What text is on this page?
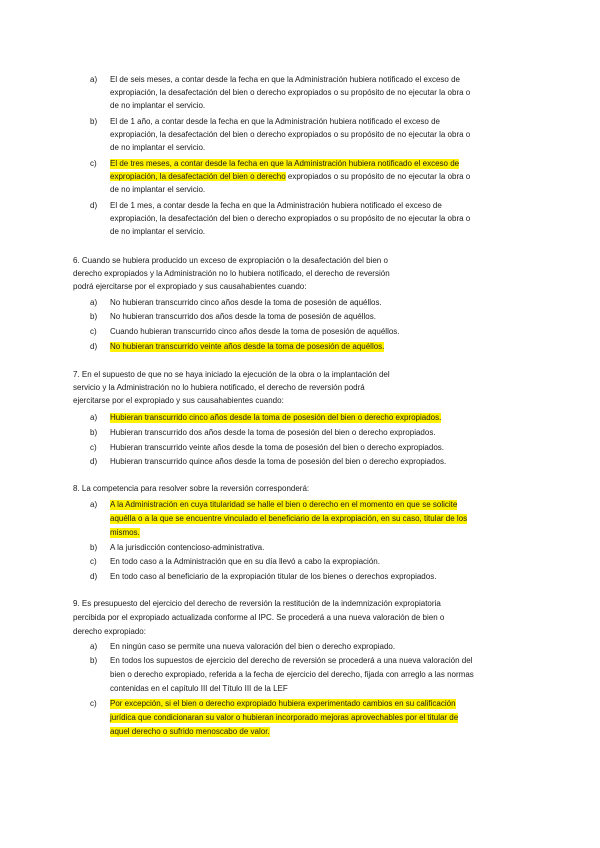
a) El de seis meses, a contar desde la fecha en que la Administración hubiera notificado el exceso de
expropiación, la desafectación del bien o derecho expropiados o su propósito de no ejecutar la obra o
de no implantar el servicio.
b) El de 1 año, a contar desde la fecha en que la Administración hubiera notificado el exceso de
expropiación, la desafectación del bien o derecho expropiados o su propósito de no ejecutar la obra o
de no implantar el servicio.
c) El de tres meses, a contar desde la fecha en que la Administración hubiera notificado el exceso de
expropiación, la desafectación del bien o derecho expropiados o su propósito de no ejecutar la obra o
de no implantar el servicio.
d) El de 1 mes, a contar desde la fecha en que la Administración hubiera notificado el exceso de
expropiación, la desafectación del bien o derecho expropiados o su propósito de no ejecutar la obra o
de no implantar el servicio.
6. Cuando se hubiera producido un exceso de expropiación o la desafectación del bien o
derecho expropiados y la Administración no lo hubiera notificado, el derecho de reversión
podrá ejercitarse por el expropiado y sus causahabientes cuando:
a) No hubieran transcurrido cinco años desde la toma de posesión de aquéllos.
b) No hubieran transcurrido dos años desde la toma de posesión de aquéllos.
c) Cuando hubieran transcurrido cinco años desde la toma de posesión de aquéllos.
d) No hubieran transcurrido veinte años desde la toma de posesión de aquéllos.
7. En el supuesto de que no se haya iniciado la ejecución de la obra o la implantación del
servicio y la Administración no lo hubiera notificado, el derecho de reversión podrá
ejercitarse por el expropiado y sus causahabientes cuando:
a) Hubieran transcurrido cinco años desde la toma de posesión del bien o derecho expropiados.
b) Hubieran transcurrido dos años desde la toma de posesión del bien o derecho expropiados.
c) Hubieran transcurrido veinte años desde la toma de posesión del bien o derecho expropiados.
d) Hubieran transcurrido quince años desde la toma de posesión del bien o derecho expropiados.
8. La competencia para resolver sobre la reversión corresponderá:
a) A la Administración en cuya titularidad se halle el bien o derecho en el momento en que se solicite
aquélla o a la que se encuentre vinculado el beneficiario de la expropiación, en su caso, titular de los
mismos.
b) A la jurisdicción contencioso-administrativa.
c) En todo caso a la Administración que en su día llevó a cabo la expropiación.
d) En todo caso al beneficiario de la expropiación titular de los bienes o derechos expropiados.
9. Es presupuesto del ejercicio del derecho de reversión la restitución de la indemnización expropiatoria
percibida por el expropiado actualizada conforme al IPC. Se procederá a una nueva valoración de bien o
derecho expropiado:
a) En ningún caso se permite una nueva valoración del bien o derecho expropiado.
b) En todos los supuestos de ejercicio del derecho de reversión se procederá a una nueva valoración del
bien o derecho expropiado, referida a la fecha de ejercicio del derecho, fijada con arreglo a las normas
contenidas en el capítulo III del Título III de la LEF
c) Por excepción, si el bien o derecho expropiado hubiera experimentado cambios en su calificación
jurídica que condicionaran su valor o hubieran incorporado mejoras aprovechables por el titular de
aquel derecho o sufrido menoscabo de valor.
